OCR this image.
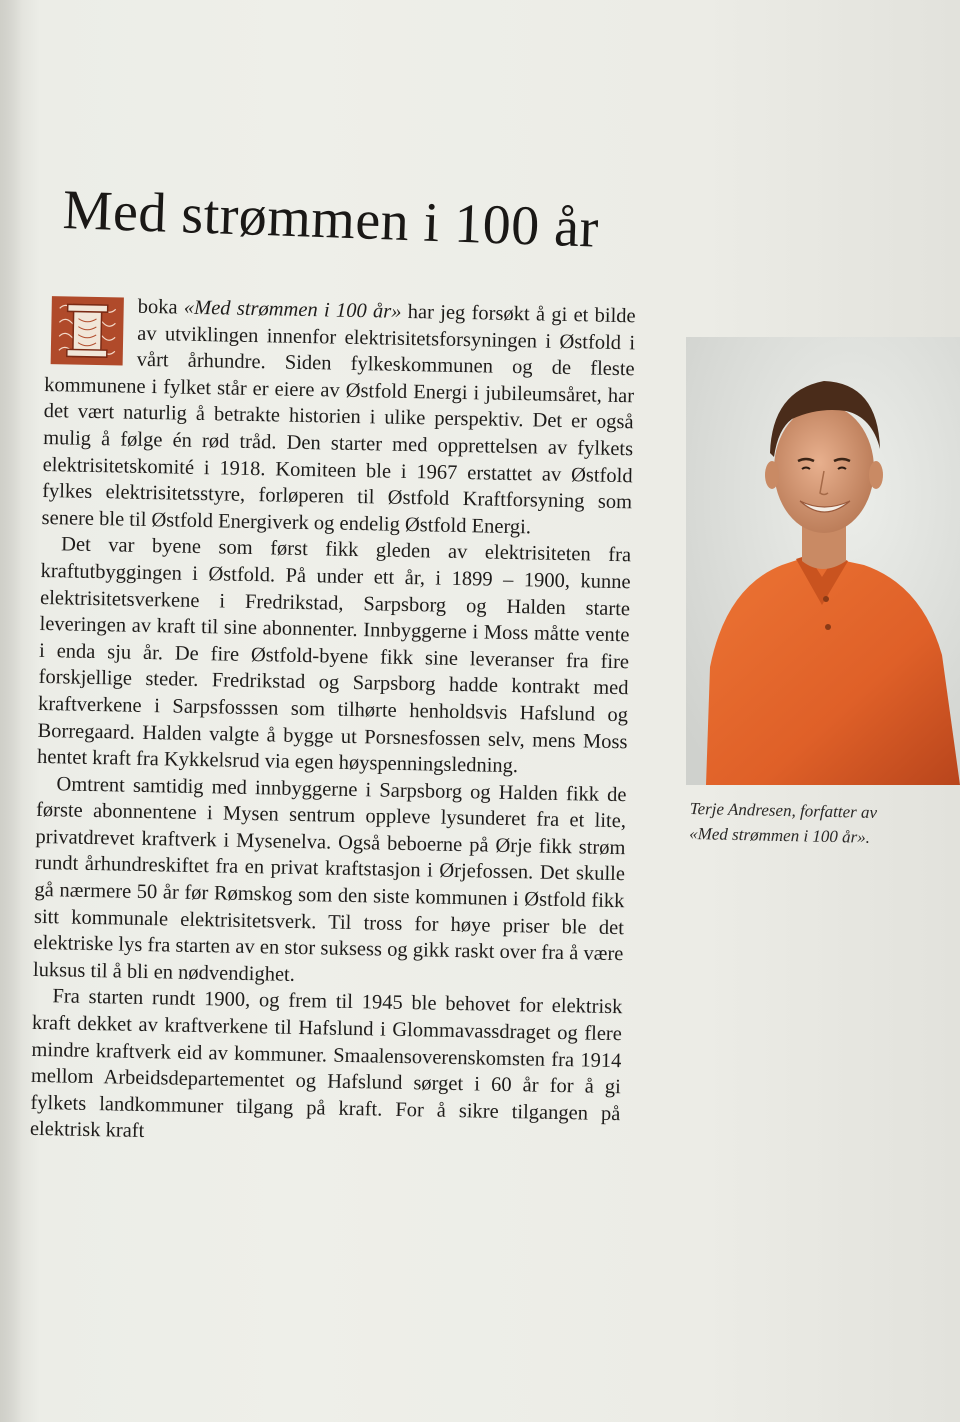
Med strømmen i 100 år

boka «Med strømmen i 100 år» har jeg forsøkt å gi et bilde av utviklingen innenfor elektrisitetsforsyningen i Østfold i vårt århundre. Siden fylkeskommunen og de fleste kommunene i fylket står er eiere av Østfold Energi i jubileumsåret, har det vært naturlig å betrakte historien i ulike perspektiv. Det er også mulig å følge én rød tråd. Den starter med opprettelsen av fylkets elektrisitetskomité i 1918. Komiteen ble i 1967 erstattet av Østfold fylkes elektrisitetsstyre, forløperen til Østfold Kraftforsyning som senere ble til Østfold Energiverk og endelig Østfold Energi.

Det var byene som først fikk gleden av elektrisiteten fra kraftutbyggingen i Østfold. På under ett år, i 1899 – 1900, kunne elektrisitetsverkene i Fredrikstad, Sarpsborg og Halden starte leveringen av kraft til sine abonnenter. Innbyggerne i Moss måtte vente i enda sju år. De fire Østfold-byene fikk sine leveranser fra fire forskjellige steder. Fredrikstad og Sarpsborg hadde kontrakt med kraftverkene i Sarpsfosssen som tilhørte henholdsvis Hafslund og Borregaard. Halden valgte å bygge ut Porsnesfossen selv, mens Moss hentet kraft fra Kykkelsrud via egen høyspenningsledning.

Omtrent samtidig med innbyggerne i Sarpsborg og Halden fikk de første abonnentene i Mysen sentrum oppleve lysunderet fra et lite, privatdrevet kraftverk i Mysenelva. Også beboerne på Ørje fikk strøm rundt århundreskiftet fra en privat kraftstasjon i Ørjefossen. Det skulle gå nærmere 50 år før Rømskog som den siste kommunen i Østfold fikk sitt kommunale elektrisitetsverk. Til tross for høye priser ble det elektriske lys fra starten av en stor suksess og gikk raskt over fra å være luksus til å bli en nødvendighet.

Fra starten rundt 1900, og frem til 1945 ble behovet for elektrisk kraft dekket av kraftverkene til Hafslund i Glommavassdraget og flere mindre kraftverk eid av kommuner. Smaalensoverenskomsten fra 1914 mellom Arbeidsdepartementet og Hafslund sørget i 60 år for å gi fylkets landkommuner tilgang på kraft. For å sikre tilgangen på elektrisk kraft

Terje Andresen, forfatter av
«Med strømmen i 100 år».
